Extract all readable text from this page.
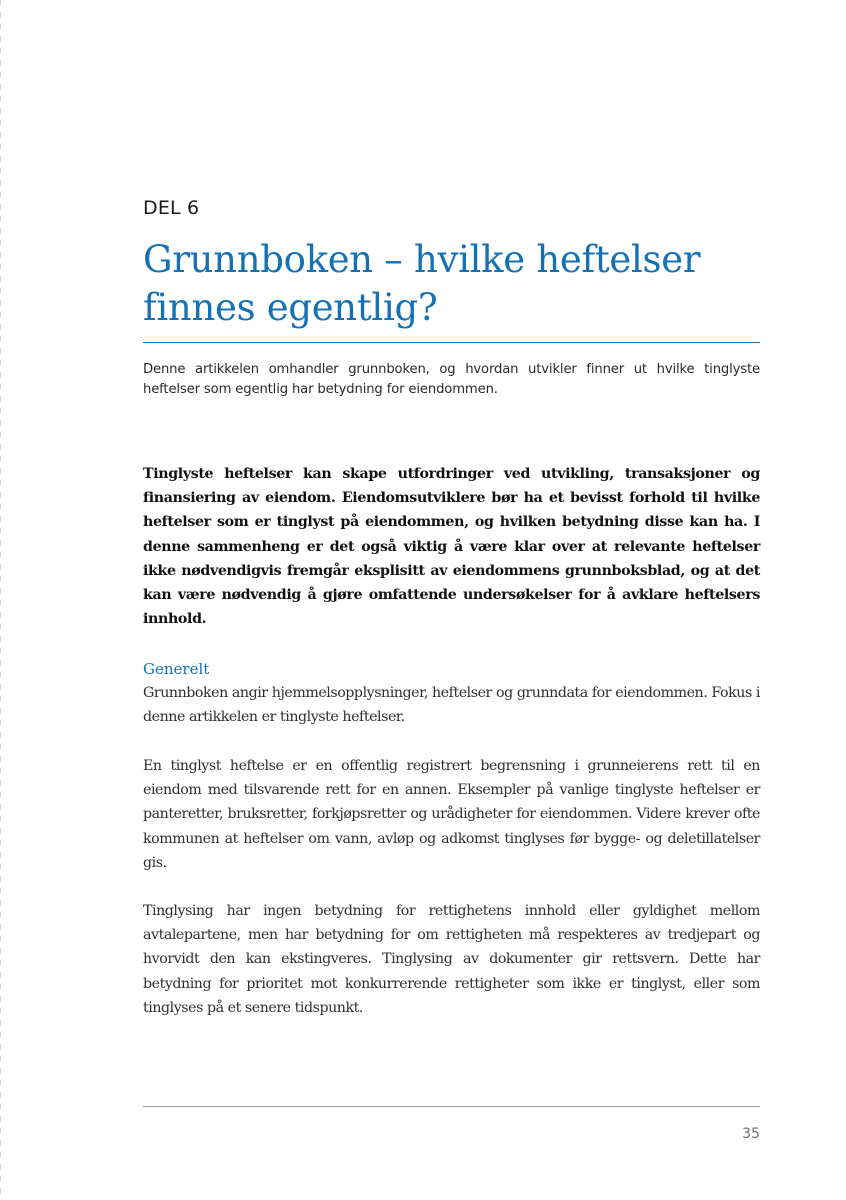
DEL 6
Grunnboken – hvilke heftelser finnes egentlig?

Denne artikkelen omhandler grunnboken, og hvordan utvikler finner ut hvilke tinglyste heftelser som egentlig har betydning for eiendommen.

Tinglyste heftelser kan skape utfordringer ved utvikling, transaksjoner og finansiering av eiendom. Eiendomsutviklere bør ha et bevisst forhold til hvilke heftelser som er tinglyst på eiendommen, og hvilken betydning disse kan ha. I denne sammenheng er det også viktig å være klar over at relevante heftelser ikke nødvendigvis fremgår eksplisitt av eiendommens grunnboksblad, og at det kan være nødvendig å gjøre omfattende undersøkelser for å avklare heftelsers innhold.

Generelt

Grunnboken angir hjemmelsopplysninger, heftelser og grunndata for eiendommen. Fokus i denne artikkelen er tinglyste heftelser.

En tinglyst heftelse er en offentlig registrert begrensning i grunneierens rett til en eiendom med tilsvarende rett for en annen. Eksempler på vanlige tinglyste heftelser er panteretter, bruksretter, forkjøpsretter og urådigheter for eiendommen. Videre krever ofte kommunen at heftelser om vann, avløp og adkomst tinglyses før bygge- og deletillatelser gis.

Tinglysing har ingen betydning for rettighetens innhold eller gyldighet mellom avtalepartene, men har betydning for om rettigheten må respekteres av tredjepart og hvorvidt den kan ekstingveres. Tinglysing av dokumenter gir rettsvern. Dette har betydning for prioritet mot konkurrerende rettigheter som ikke er tinglyst, eller som tinglyses på et senere tidspunkt.

35
